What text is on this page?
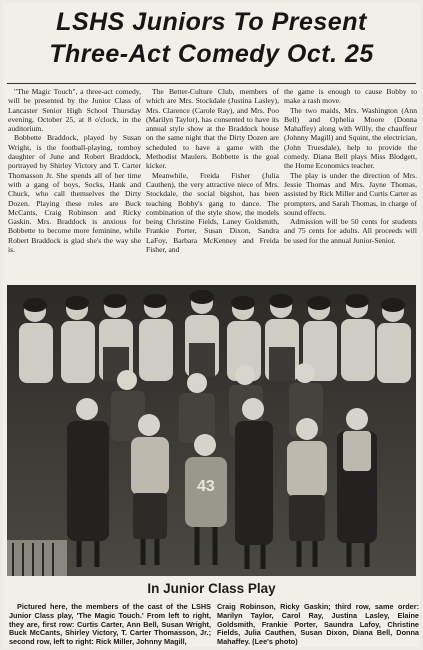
LSHS Juniors To Present
Three-Act Comedy Oct. 25

"The Magic Touch", a three-act comedy, will be presented by the Junior Class of Lancaster Senior High School Thursday evening, October 25, at 8 o'clock, in the auditorium.

Bobbette Braddock, played by Susan Wright, is the football-playing, tomboy daughter of June and Robert Braddock, portrayed by Shirley Victory and T. Carter Thomasson Jr. She spends all of her time with a gang of boys, Socks, Hank and Chuck, who call themselves the Dirty Dozen. Playing these roles are Buck McCants, Craig Robinson and Ricky Gaskin. Mrs. Braddock is anxious for Bobbette to become more feminine, while Robert Braddock is glad she's the way she is.

The Better-Culture Club, members of which are Mrs. Stockdale (Justina Lasley), Mrs. Clarence (Carole Ray), and Mrs. Poo (Marilyn Taylor), has consented to have its annual style show at the Braddock house on the same night that the Dirty Dozen are scheduled to have a game with the Methodist Maulers. Bobbette is the goal kicker.

Meanwhile, Freida Fisher (Julia Cauthen), the very attractive niece of Mrs. Stockdale, the social bigshot, has been teaching Bobby's gang to dance. The combination of the style show, the models being Christine Fields, Laney Goldsmith, Frankie Porter, Susan Dixon, Sandra LaFoy, Barbara McKenney and Freida Fisher, and

the game is enough to cause Bobby to make a rash move.

The two maids, Mrs. Washington (Ann Bell) and Ophelia Moore (Donna Mahaffey) along with Willy, the chauffeur (Johnny Magill) and Squint, the electrician, (John Truesdale), help to provide the comedy. Diana Bell plays Miss Blodgett, the Home Economics teacher.

The play is under the direction of Mrs. Jessie Thomas and Mrs. Jayne Thomas, assisted by Rick Miller and Curtis Carter as prompters, and Sarah Thomas, in charge of sound effects.

Admission will be 50 cents for students and 75 cents for adults. All proceeds will be used for the annual Junior-Senior.

43
In Junior Class Play

Pictured here, the members of the cast of the LSHS Junior Class play, 'The Magic Touch.' From left to right, they are, first row: Curtis Carter, Ann Bell, Susan Wright, Buck McCants, Shirley Victory, T. Carter Thomasson, Jr.; second row, left to right: Rick Miller, Johnny Magill,

Craig Robinson, Ricky Gaskin; third row, same order: Marilyn Taylor, Carol Ray, Justina Lasley, Elaine Goldsmith, Frankie Porter, Saundra Lafoy, Christine Fields, Julia Cauthen, Susan Dixon, Diana Bell, Donna Mahaffey. (Lee's photo)
